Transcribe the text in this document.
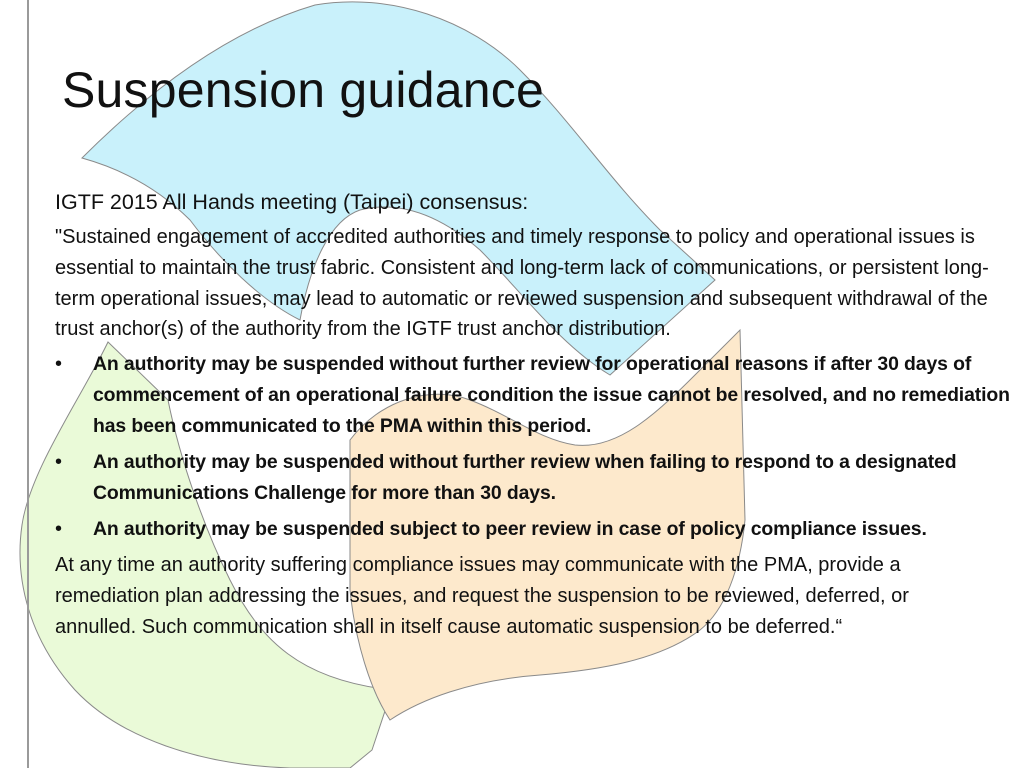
Suspension guidance

IGTF 2015 All Hands meeting (Taipei) consensus:

"Sustained engagement of accredited authorities and timely response to policy and operational issues is essential to maintain the trust fabric. Consistent and long-term lack of communications, or persistent long-term operational issues, may lead to automatic or reviewed suspension and subsequent withdrawal of the trust anchor(s) of the authority from the IGTF trust anchor distribution.

•	An authority may be suspended without further review for operational reasons if after 30 days of commencement of an operational failure condition the issue cannot be resolved, and no remediation has been communicated to the PMA within this period.
•	An authority may be suspended without further review when failing to respond to a designated Communications Challenge for more than 30 days.
•	An authority may be suspended subject to peer review in case of policy compliance issues.

At any time an authority suffering compliance issues may communicate with the PMA, provide a remediation plan addressing the issues, and request the suspension to be reviewed, deferred, or annulled. Such communication shall in itself cause automatic suspension to be deferred.“
